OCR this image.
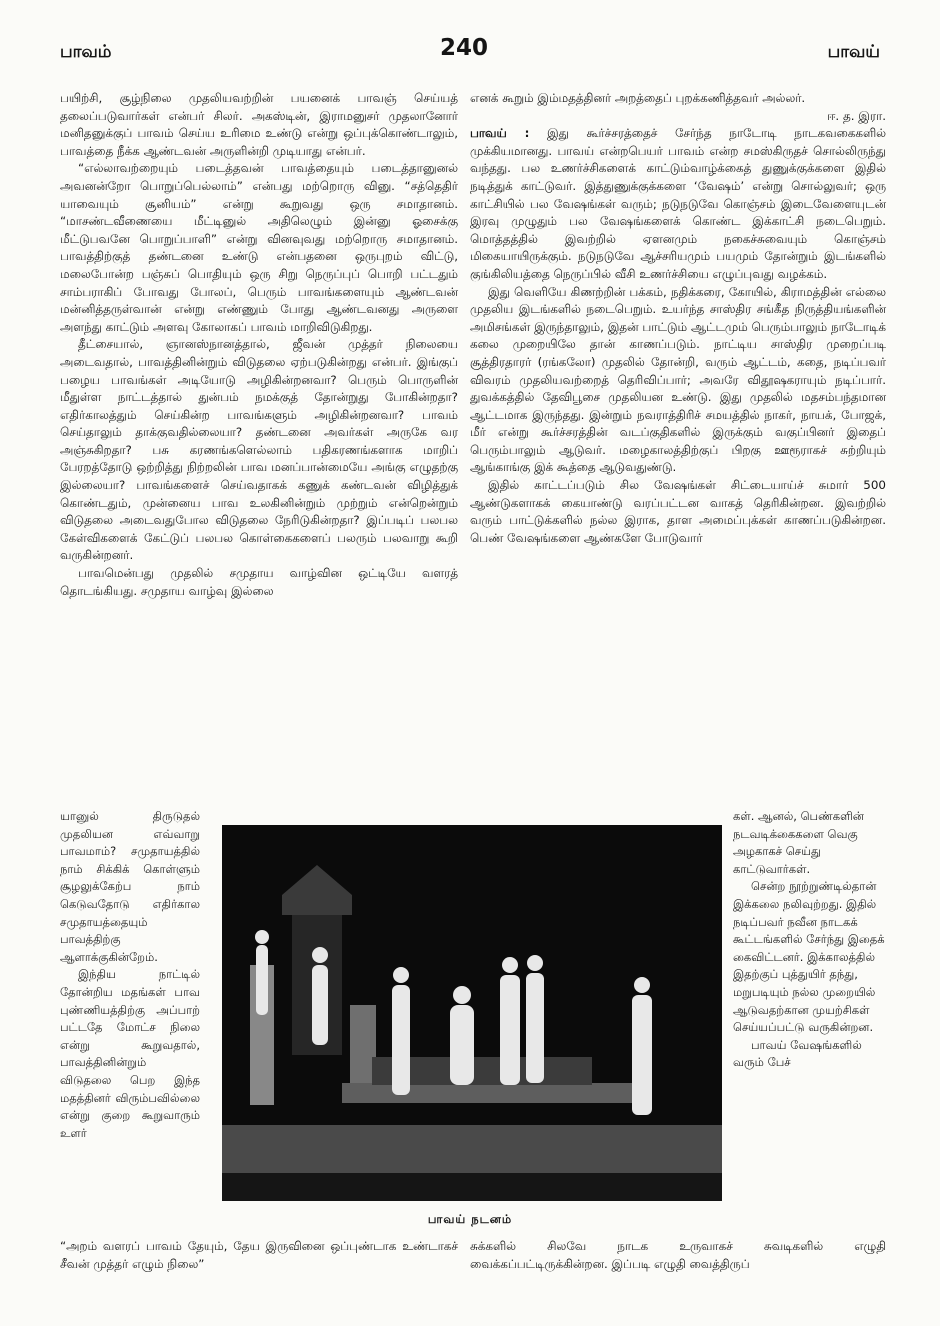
பாவம்	240	பாவய்

பயிற்சி, சூழ்நிலை முதலியவற்றின் பயனைக் பாவஞ் செய்யத் தலைப்படுவார்கள் என்பர் சிலர். அகஸ்டின், இராமனுசர் முதலானோர் மனிதனுக்குப் பாவம் செய்ய உரிமை உண்டு என்று ஒப்புக்கொண்டாலும், பாவத்தை நீக்க ஆண்டவன் அருளின்றி முடியாது என்பர்.

“எல்லாவற்றையும் படைத்தவன் பாவத்தையும் படைத்தானுனல் அவனன்றோ பொறுப்பெல்லாம்” என்பது மற்றொரு வினு. “சத்தெதிர் யாவையும் சூனியம்” என்று கூறுவது ஒரு சமாதானம். “மாசண்டவீணையை மீட்டினுல் அதிலெழும் இன்னு ஓசைக்கு மீட்டுபவனே பொறுப்பாளி” என்று வினவுவது மற்றொரு சமாதானம். பாவத்திற்குத் தண்டனை உண்டு என்பதனை ஒருபுறம் விட்டு, மலைபோன்ற பஞ்சுப் பொதியும் ஒரு சிறு நெருப்புப் பொறி பட்டதும் சாம்பராகிப் போவது போலப், பெரும் பாவங்களையும் ஆண்டவன் மன்னித்தருள்வான் என்று எண்ணும் போது ஆண்டவனது அருளை அளந்து காட்டும் அளவு கோலாகப் பாவம் மாறிவிடுகிறது.

தீட்சையால், ஞானஸ்நானத்தால், ஜீவன் முத்தர் நிலையை அடைவதால், பாவத்தினின்றும் விடுதலை ஏற்படுகின்றது என்பர். இங்குப் பழைய பாவங்கள் அடியோடு அழிகின்றனவா? பெரும் பொருளின் மீதுள்ள நாட்டத்தால் துன்பம் நமக்குத் தோன்றுது போகின்றதா? எதிர்காலத்தும் செய்கின்ற பாவங்களும் அழிகின்றனவா? பாவம் செய்தாலும் தாக்குவதில்லையா? தண்டனை அவர்கள் அருகே வர அஞ்சுகிறதா? பசு கரணங்களெல்லாம் பதிகரணங்களாக மாறிப் பேரறத்தோடு ஒற்றித்து நிற்றலின் பாவ மனப்பான்மையே அங்கு எழுதற்கு இல்லையா? பாவங்களைச் செய்வதாகக் கணுக் கண்டவன் விழித்துக் கொண்டதும், முன்னைய பாவ உலகினின்றும் முற்றும் என்றென்றும் விடுதலை அடைவதுபோல விடுதலை நேரிடுகின்றதா? இப்படிப் பலபல கேள்விகளைக் கேட்டுப் பலபல கொள்கைகளைப் பலரும் பலவாறு கூறி வருகின்றனர்.

பாவமென்பது முதலில் சமுதாய வாழ்வின ஒட்டியே வளரத் தொடங்கியது. சமுதாய வாழ்வு இல்லை

யானுல் திருடுதல் முதலியன எவ்வாறு பாவமாம்? சமுதாயத்தில் நாம் சிக்கிக் கொள்ளும் சூழலுக்கேற்ப நாம் கெடுவதோடு எதிர்கால சமுதாயத்தையும் பாவத்திற்கு ஆளாக்குகின்றேம்.

இந்திய நாட்டில் தோன்றிய மதங்கள் பாவ புண்ணியத்திற்கு அப்பாற் பட்டதே மோட்ச நிலை என்று கூறுவதால், பாவத்தினின்றும் விடுதலை பெற இந்த மதத்தினர் விரும்பவில்லை என்று குறை கூறுவாரும் உளர்

எனக் கூறும் இம்மதத்தினர் அறத்தைப் புறக்கணித்தவர் அல்லர்.

ஈ. த. இரா.

பாவய் : இது கூர்ச்சரத்தைச் சேர்ந்த நாடோடி நாடகவகைகளில் முக்கியமானது. பாவய் என்றபெயர் பாவம் என்ற சமஸ்கிருதச் சொல்லிருந்து வந்தது. பல உணர்ச்சிகளைக் காட்டும்வாழ்க்கைத் துணுக்குக்களை இதில் நடித்துக் காட்டுவர். இத்துணுக்குக்களை ‘வேஷம்’ என்று சொல்லுவர்; ஒரு காட்சியில் பல வேஷங்கள் வரும்; நடுநடுவே கொஞ்சம் இடைவேளையுடன் இரவு முழுதும் பல வேஷங்களைக் கொண்ட இக்காட்சி நடைபெறும். மொத்தத்தில் இவற்றில் ஏளனமும் நகைச்சுவையும் கொஞ்சம் மிகையாயிருக்கும். நடுநடுவே ஆச்சரியமும் பயமும் தோன்றும் இடங்களில் குங்கிலியத்தை நெருப்பில் வீசி உணர்ச்சியை எழுப்புவது வழக்கம்.

இது வெளியே கிணற்றின் பக்கம், நதிக்கரை, கோயில், கிராமத்தின் எல்லை முதலிய இடங்களில் நடைபெறும். உயர்ந்த சாஸ்திர சங்கீத நிருத்தியங்களின் அமிசங்கள் இருந்தாலும், இதன் பாட்டும் ஆட்டமும் பெரும்பாலும் நாடோடிக் கலை முறையிலே தான் காணப்படும். நாட்டிய சாஸ்திர முறைப்படி சூத்திரதாரர் (ரங்கலோ) முதலில் தோன்றி, வரும் ஆட்டம், கதை, நடிப்பவர் விவரம் முதலியவற்றைத் தெரிவிப்பார்; அவரே விதூஷகராயும் நடிப்பார். துவக்கத்தில் தேவிபூசை முதலியன உண்டு. இது முதலில் மதசம்பந்தமான ஆட்டமாக இருந்தது. இன்றும் நவராத்திரிச் சமயத்தில் நாகர், நாயக், போஜக், மீர் என்று கூர்ச்சரத்தின் வடப்குதிகளில் இருக்கும் வகுப்பினர் இதைப் பெரும்பாலும் ஆடுவர். மழைகாலத்திற்குப் பிறகு ஊரூராகச் சுற்றியும் ஆங்காங்கு இக் கூத்தை ஆடுவதுண்டு.

இதில் காட்டப்படும் சில வேஷங்கள் சிட்டையாய்ச் சுமார் 500 ஆண்டுகளாகக் கையாண்டு வரப்பட்டன வாகத் தெரிகின்றன. இவற்றில் வரும் பாட்டுக்களில் நல்ல இராக, தாள அமைப்புக்கள் காணப்படுகின்றன. பெண் வேஷங்களை ஆண்களே போடுவார்

கள். ஆனல், பெண்களின் நடவடிக்கைகளை வெகு அழகாகச் செய்து காட்டுவார்கள்.

சென்ற நூற்றுண்டில்தான் இக்கலை நலிவுற்றது. இதில் நடிப்பவர் நவீன நாடகக் கூட்டங்களில் சேர்ந்து இதைக் கைவிட்டனர். இக்காலத்தில் இதற்குப் புத்துயிர் தந்து, மறுபடியும் நல்ல முறையில் ஆடுவதற்கான முயற்சிகள் செய்யப்பட்டு வருகின்றன.

பாவய் வேஷங்களில் வரும் பேச்

பாவய் நடனம்

“அறம் வளரப் பாவம் தேயும், தேய இருவினை ஒப்புண்டாக உண்டாகச் சீவன் முத்தர் எழும் நிலை”

சுக்களில் சிலவே நாடக உருவாகச் சுவடிகளில் எழுதி வைக்கப்பட்டிருக்கின்றன. இப்படி எழுதி வைத்திருப்
